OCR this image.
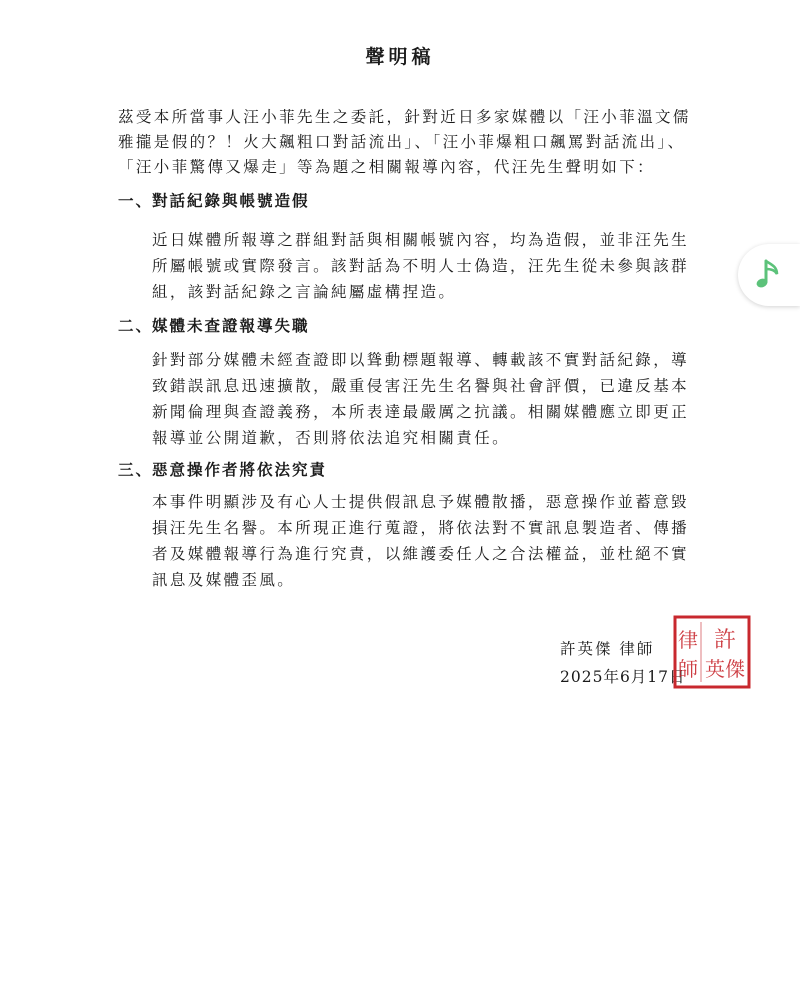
聲明稿
茲受本所當事人汪小菲先生之委託，針對近日多家媒體以「汪小菲溫文儒
雅攏是假的？！火大飆粗口對話流出」、「汪小菲爆粗口飆罵對話流出」、
「汪小菲驚傳又爆走」等為題之相關報導內容，代汪先生聲明如下：
一、對話紀錄與帳號造假
近日媒體所報導之群組對話與相關帳號內容，均為造假，並非汪先生
所屬帳號或實際發言。該對話為不明人士偽造，汪先生從未參與該群
組，該對話紀錄之言論純屬虛構捏造。
二、媒體未查證報導失職
針對部分媒體未經查證即以聳動標題報導、轉載該不實對話紀錄，導
致錯誤訊息迅速擴散，嚴重侵害汪先生名譽與社會評價，已違反基本
新聞倫理與查證義務，本所表達最嚴厲之抗議。相關媒體應立即更正
報導並公開道歉，否則將依法追究相關責任。
三、惡意操作者將依法究責
本事件明顯涉及有心人士提供假訊息予媒體散播，惡意操作並蓄意毀
損汪先生名譽。本所現正進行蒐證，將依法對不實訊息製造者、傳播
者及媒體報導行為進行究責，以維護委任人之合法權益，並杜絕不實
訊息及媒體歪風。
許英傑 律師
2025年6月17日
許
英傑
律
師
